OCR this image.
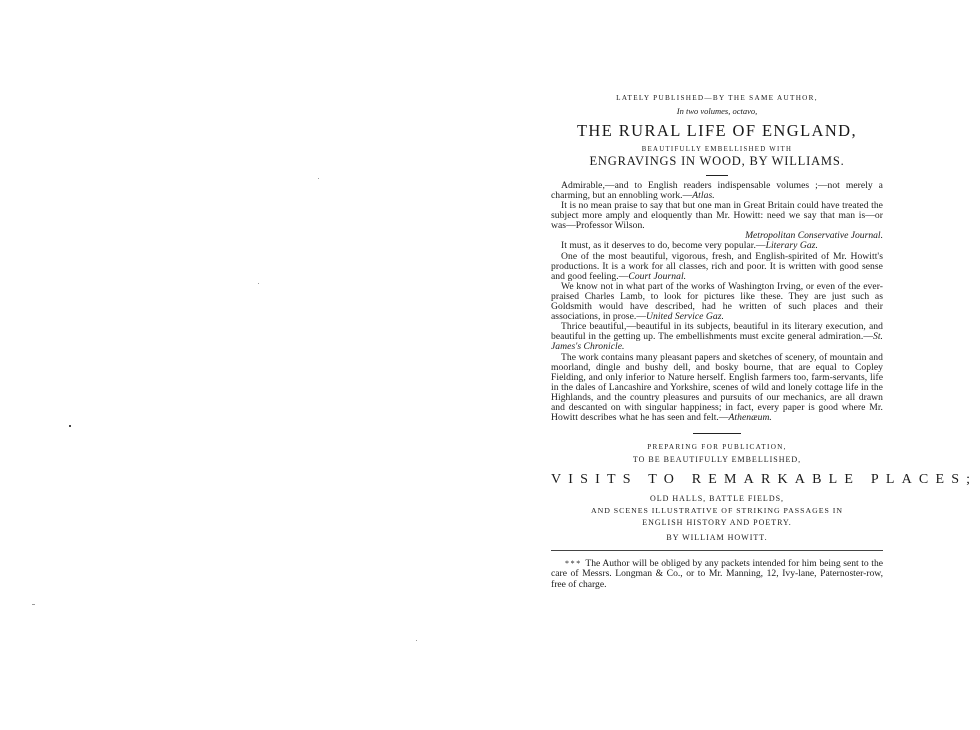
LATELY PUBLISHED—BY THE SAME AUTHOR,

In two volumes, octavo,

THE RURAL LIFE OF ENGLAND,

BEAUTIFULLY EMBELLISHED WITH

ENGRAVINGS IN WOOD, BY WILLIAMS.

Admirable,—and to English readers indispensable volumes ;—not merely a charming, but an ennobling work.—Atlas.

It is no mean praise to say that but one man in Great Britain could have treated the subject more amply and eloquently than Mr. Howitt: need we say that man is—or was—Professor Wilson.

Metropolitan Conservative Journal.

It must, as it deserves to do, become very popular.—Literary Gaz.

One of the most beautiful, vigorous, fresh, and English-spirited of Mr. Howitt's productions. It is a work for all classes, rich and poor. It is written with good sense and good feeling.—Court Journal.

We know not in what part of the works of Washington Irving, or even of the ever-praised Charles Lamb, to look for pictures like these. They are just such as Goldsmith would have described, had he written of such places and their associations, in prose.—United Service Gaz.

Thrice beautiful,—beautiful in its subjects, beautiful in its literary execution, and beautiful in the getting up. The embellishments must excite general admiration.—St. James's Chronicle.

The work contains many pleasant papers and sketches of scenery, of mountain and moorland, dingle and bushy dell, and bosky bourne, that are equal to Copley Fielding, and only inferior to Nature herself. English farmers too, farm-servants, life in the dales of Lancashire and Yorkshire, scenes of wild and lonely cottage life in the Highlands, and the country pleasures and pursuits of our mechanics, are all drawn and descanted on with singular happiness; in fact, every paper is good where Mr. Howitt describes what he has seen and felt.—Athenæum.

PREPARING FOR PUBLICATION,

TO BE BEAUTIFULLY EMBELLISHED,

VISITS TO REMARKABLE PLACES;

OLD HALLS, BATTLE FIELDS,

AND SCENES ILLUSTRATIVE OF STRIKING PASSAGES IN

ENGLISH HISTORY AND POETRY.

BY WILLIAM HOWITT.

* * * The Author will be obliged by any packets intended for him being sent to the care of Messrs. Longman & Co., or to Mr. Manning, 12, Ivy-lane, Paternoster-row, free of charge.
